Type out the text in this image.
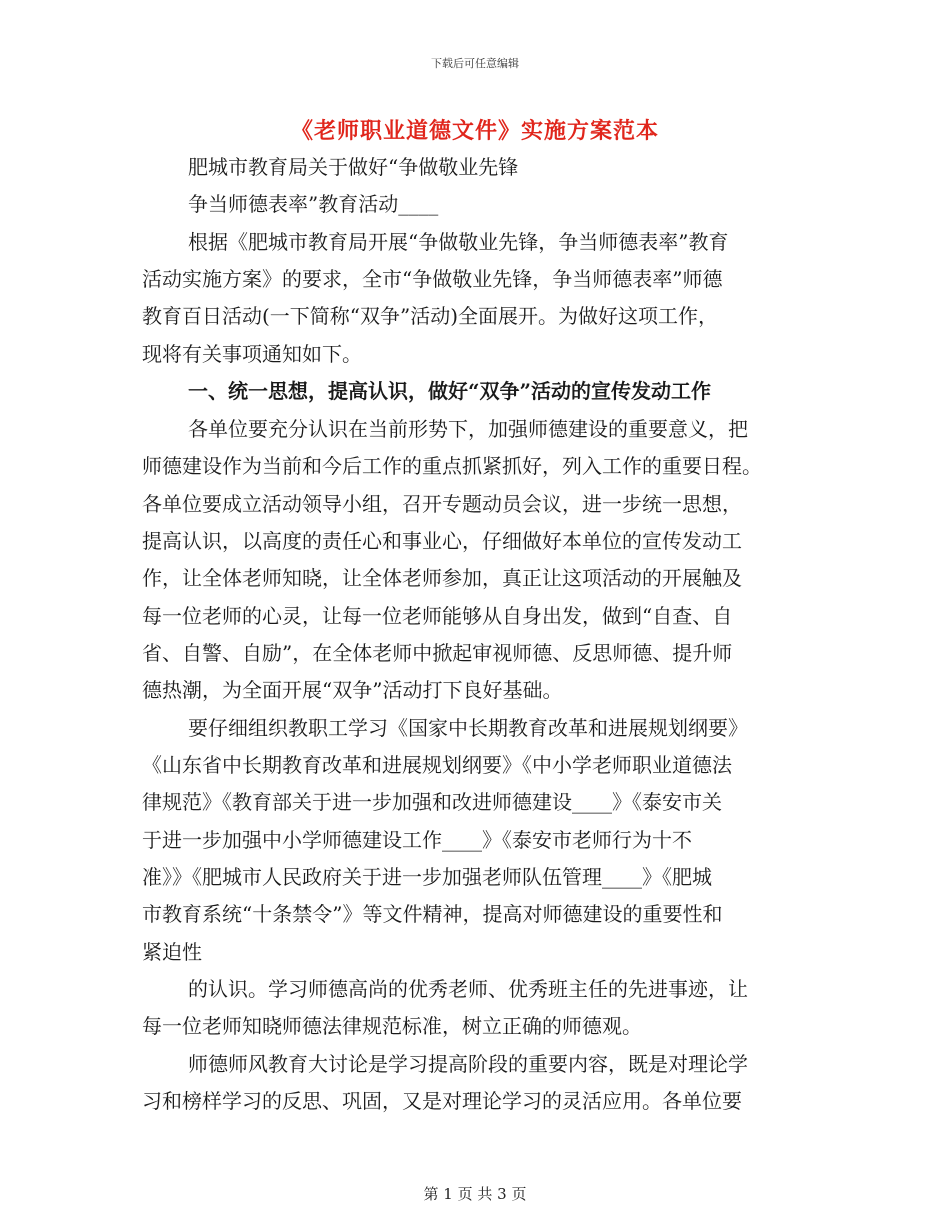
下载后可任意编辑
《老师职业道德文件》实施方案范本
肥城市教育局关于做好“争做敬业先锋
争当师德表率”教育活动____
根据《肥城市教育局开展“争做敬业先锋，争当师德表率”教育
活动实施方案》的要求，全市“争做敬业先锋，争当师德表率”师德
教育百日活动(一下简称“双争”活动)全面展开。为做好这项工作，
现将有关事项通知如下。
一、统一思想，提高认识，做好“双争”活动的宣传发动工作
各单位要充分认识在当前形势下，加强师德建设的重要意义，把
师德建设作为当前和今后工作的重点抓紧抓好，列入工作的重要日程。
各单位要成立活动领导小组，召开专题动员会议，进一步统一思想，
提高认识，以高度的责任心和事业心，仔细做好本单位的宣传发动工
作，让全体老师知晓，让全体老师参加，真正让这项活动的开展触及
每一位老师的心灵，让每一位老师能够从自身出发，做到“自查、自
省、自警、自励”，在全体老师中掀起审视师德、反思师德、提升师
德热潮，为全面开展“双争”活动打下良好基础。
要仔细组织教职工学习《国家中长期教育改革和进展规划纲要》
《山东省中长期教育改革和进展规划纲要》《中小学老师职业道德法
律规范》《教育部关于进一步加强和改进师德建设____》《泰安市关
于进一步加强中小学师德建设工作____》《泰安市老师行为十不
准》》《肥城市人民政府关于进一步加强老师队伍管理____》《肥城
市教育系统“十条禁令”》等文件精神，提高对师德建设的重要性和
紧迫性
的认识。学习师德高尚的优秀老师、优秀班主任的先进事迹，让
每一位老师知晓师德法律规范标准，树立正确的师德观。
师德师风教育大讨论是学习提高阶段的重要内容，既是对理论学
习和榜样学习的反思、巩固，又是对理论学习的灵活应用。各单位要
第 1 页 共 3 页
